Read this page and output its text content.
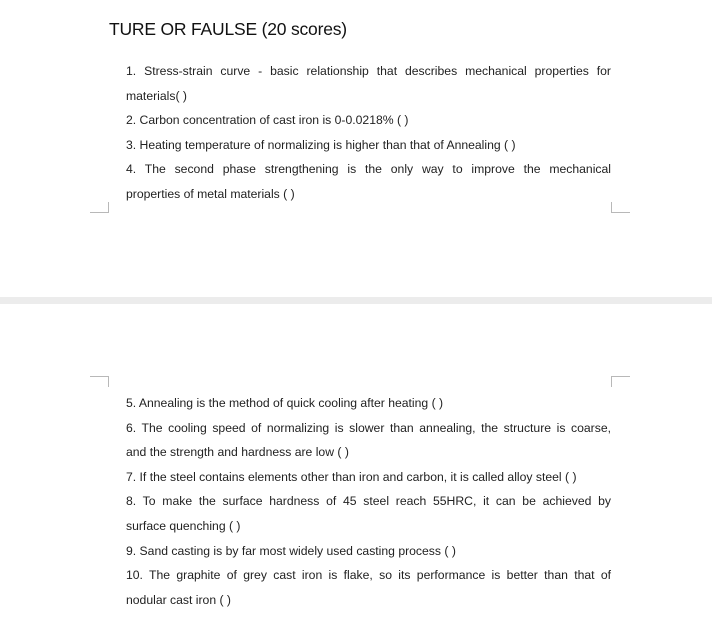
TURE OR FAULSE (20 scores)
1. Stress-strain curve - basic relationship that describes mechanical properties for
materials( )
2. Carbon concentration of cast iron is 0-0.0218% ( )
3. Heating temperature of normalizing is higher than that of Annealing ( )
4. The second phase strengthening is the only way to improve the mechanical
properties of metal materials ( )
5. Annealing is the method of quick cooling after heating ( )
6. The cooling speed of normalizing is slower than annealing, the structure is coarse,
and the strength and hardness are low ( )
7. If the steel contains elements other than iron and carbon, it is called alloy steel ( )
8. To make the surface hardness of 45 steel reach 55HRC, it can be achieved by
surface quenching ( )
9. Sand casting is by far most widely used casting process ( )
10. The graphite of grey cast iron is flake, so its performance is better than that of
nodular cast iron ( )
